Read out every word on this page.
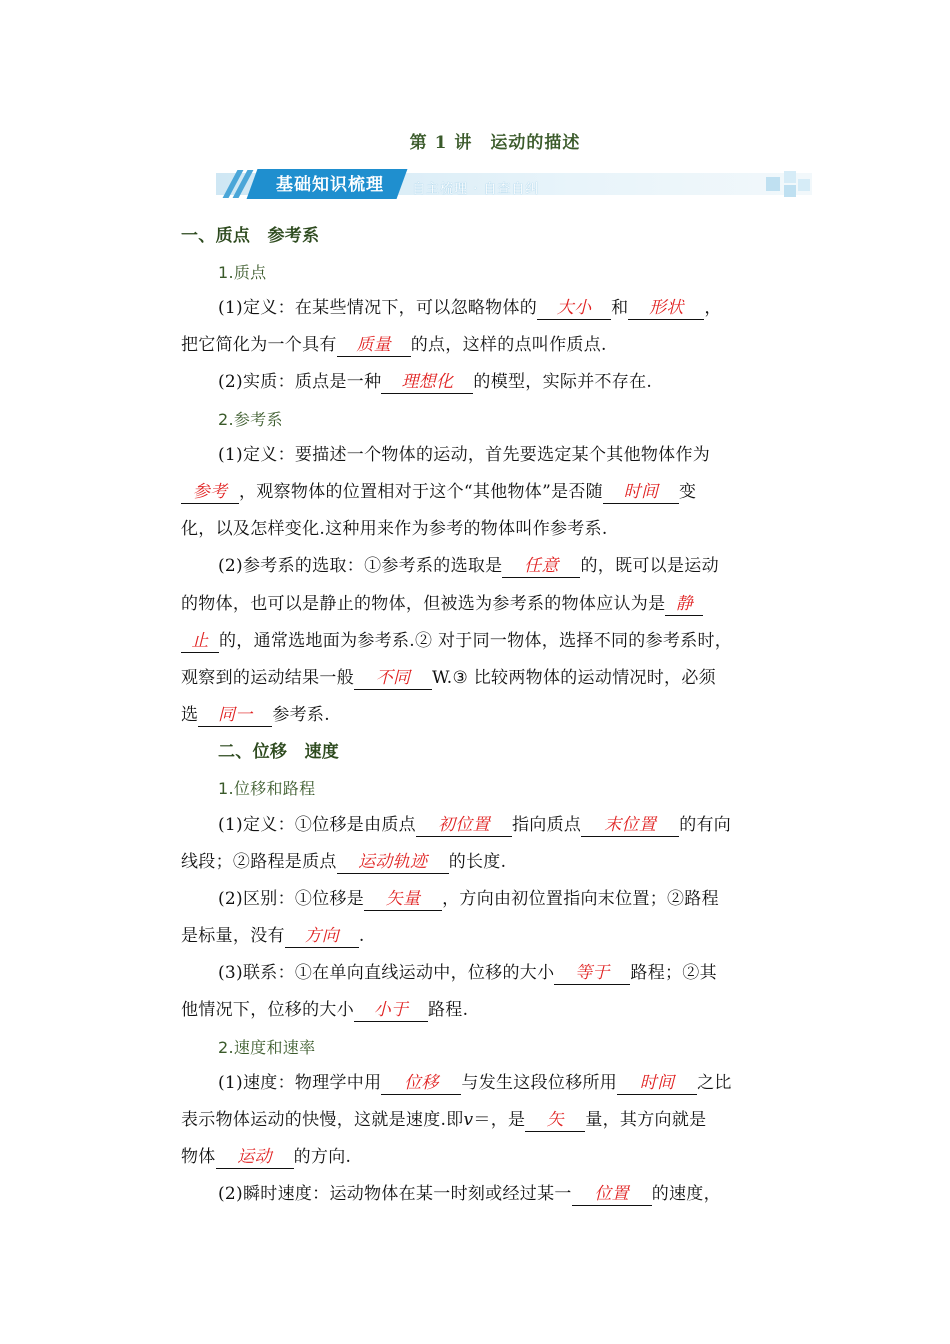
第 1 讲　运动的描述
基础知识梳理	自主梳理 · 自查自纠
一、质点　参考系
1.质点
(1)定义：在某些情况下，可以忽略物体的 大小 和 形状 ，
把它简化为一个具有 质量 的点，这样的点叫作质点.
(2)实质：质点是一种 理想化 的模型，实际并不存在.
2.参考系
(1)定义：要描述一个物体的运动，首先要选定某个其他物体作为
参考 ，观察物体的位置相对于这个“其他物体”是否随 时间 变
化，以及怎样变化.这种用来作为参考的物体叫作参考系.
(2)参考系的选取：①参考系的选取是 任意 的，既可以是运动
的物体，也可以是静止的物体，但被选为参考系的物体应认为是 静
止 的，通常选地面为参考系.② 对于同一物体，选择不同的参考系时，
观察到的运动结果一般 不同 W.③ 比较两物体的运动情况时，必须
选 同一 参考系.
二、位移　速度
1.位移和路程
(1)定义：①位移是由质点 初位置 指向质点 末位置 的有向
线段；②路程是质点 运动轨迹 的长度.
(2)区别：①位移是 矢量 ，方向由初位置指向末位置；②路程
是标量，没有 方向 .
(3)联系：①在单向直线运动中，位移的大小 等于 路程；②其
他情况下，位移的大小 小于 路程.
2.速度和速率
(1)速度：物理学中用 位移 与发生这段位移所用 时间 之比
表示物体运动的快慢，这就是速度.即v＝，是 矢 量，其方向就是
物体 运动 的方向.
(2)瞬时速度：运动物体在某一时刻或经过某一 位置 的速度，
